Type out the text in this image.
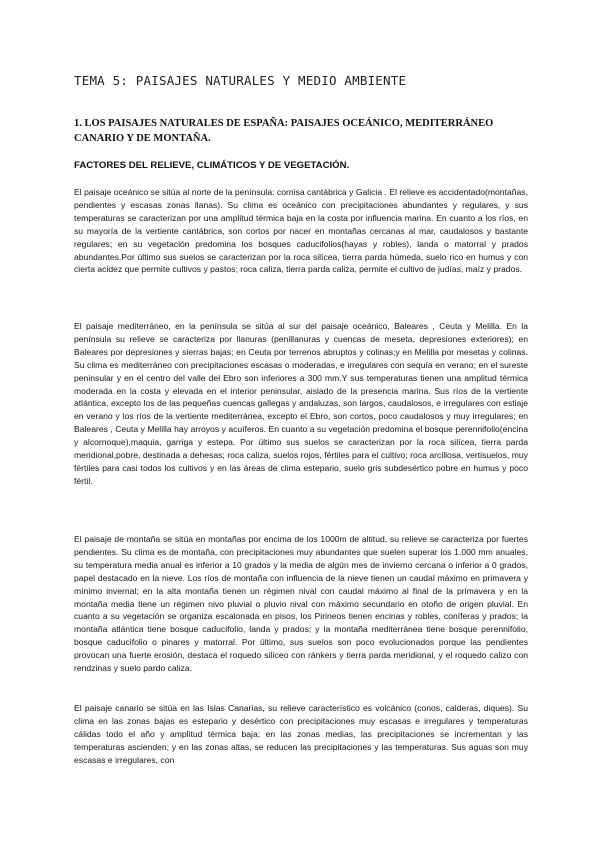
TEMA 5: PAISAJES NATURALES Y MEDIO AMBIENTE
1. LOS PAISAJES NATURALES DE ESPAÑA: PAISAJES OCEÁNICO, MEDITERRÁNEO CANARIO Y DE MONTAÑA.
FACTORES DEL RELIEVE, CLIMÁTICOS Y DE VEGETACIÓN.

El paisaje oceánico se sitúa al norte de la península: cornisa cantábrica y Galicia . El relieve es accidentado(montañas, pendientes y escasas zonas llanas). Su clima es oceánico con precipitaciones abundantes y regulares, y sus temperaturas se caracterizan por una amplitud térmica baja en la costa por influencia marina. En cuanto a los ríos, en su mayoría de la vertiente cantábrica, son cortos por nacer en montañas cercanas al mar, caudalosos y bastante regulares; en su vegetación predomina los bosques caducifolios(hayas y robles), landa o matorral y prados abundantes.Por último sus suelos se caracterizan por la roca silícea, tierra parda húmeda, suelo rico en humus y con cierta acidez que permite cultivos y pastos; roca caliza, tierra parda caliza, permite el cultivo de judías, maíz y prados.

El paisaje mediterráneo, en la península se sitúa al sur del paisaje oceánico, Baleares , Ceuta y Melilla. En la península su relieve se caracteriza por llanuras (penillanuras y cuencas de meseta, depresiones exteriores); en Baleares por depresiones y sierras bajas; en Ceuta por terrenos abruptos y colinas;y en Melilla por mesetas y colinas. Su clima es mediterráneo con precipitaciones escasas o moderadas, e irregulares con sequía en verano; en el sureste peninsular y en el centro del valle del Ebro son inferiores a 300 mm.Y sus temperaturas tienen una amplitud térmica moderada en la costa y elevada en el interior peninsular, aislado de la presencia marina. Sus ríos de la vertiente atlántica, excepto los de las pequeñas cuencas gallegas y andaluzas, son largos, caudalosos, e irregulares con estiaje en verano y los ríos de la vertiente mediterránea, excepto el Ebro, son cortos, poco caudalosos y muy irregulares; en Baleares , Ceuta y Melilla hay arroyos y acuíferos. En cuanto a su vegetación predomina el bosque perennifolio(encina y alcornoque),maquia, garriga y estepa. Por último sus suelos se caracterizan por la roca silícea, tierra parda meridional,pobre, destinada a dehesas; roca caliza, suelos rojos, fértiles para el cultivo; roca arcillosa, vertisuelos, muy fértiles para casi todos los cultivos y en las áreas de clima estepario, suelo gris subdesértico pobre en humus y poco fértil.

El paisaje de montaña se sitúa en montañas por encima de los 1000m de altitud, su relieve se caracteriza por fuertes pendientes. Su clima es de montaña, con precipitaciones muy abundantes que suelen superar los 1.000 mm anuales, su temperatura media anual es inferior a 10 grados y la media de algún mes de invierno cercana o inferior a 0 grados, papel destacado en la nieve. Los ríos de montaña con influencia de la nieve tienen un caudal máximo en primavera y mínimo invernal; en la alta montaña tienen un régimen nival con caudal máximo al final de la primavera y en la montaña media tiene un régimen nivo pluvial o pluvio nival con máximo secundario en otoño de origen pluvial. En cuanto a su vegetación se organiza escalonada en pisos, los Pirineos tienen encinas y robles, coníferas y prados; la montaña atlántica tiene bosque caducifolio, landa y prados; y la montaña mediterránea tiene bosque perennifolio, bosque caducifolio o pinares y matorral. Por último, sus suelos son poco evolucionados porque las pendientes provocan una fuerte erosión, destaca el roquedo silíceo con ránkers y tierra parda meridional, y el roquedo calizo con rendzinas y suelo pardo caliza.

El paisaje canario se sitúa en las Islas Canarias, su relieve característico es volcánico (conos, calderas, diques). Su clima en las zonas bajas es estepario y desértico con precipitaciones muy escasas e irregulares y temperaturas cálidas todo el año y amplitud térmica baja; en las zonas medias, las precipitaciones se incrementan y las temperaturas ascienden; y en las zonas altas, se reducen las precipitaciones y las temperaturas. Sus aguas son muy escasas e irregulares, con
